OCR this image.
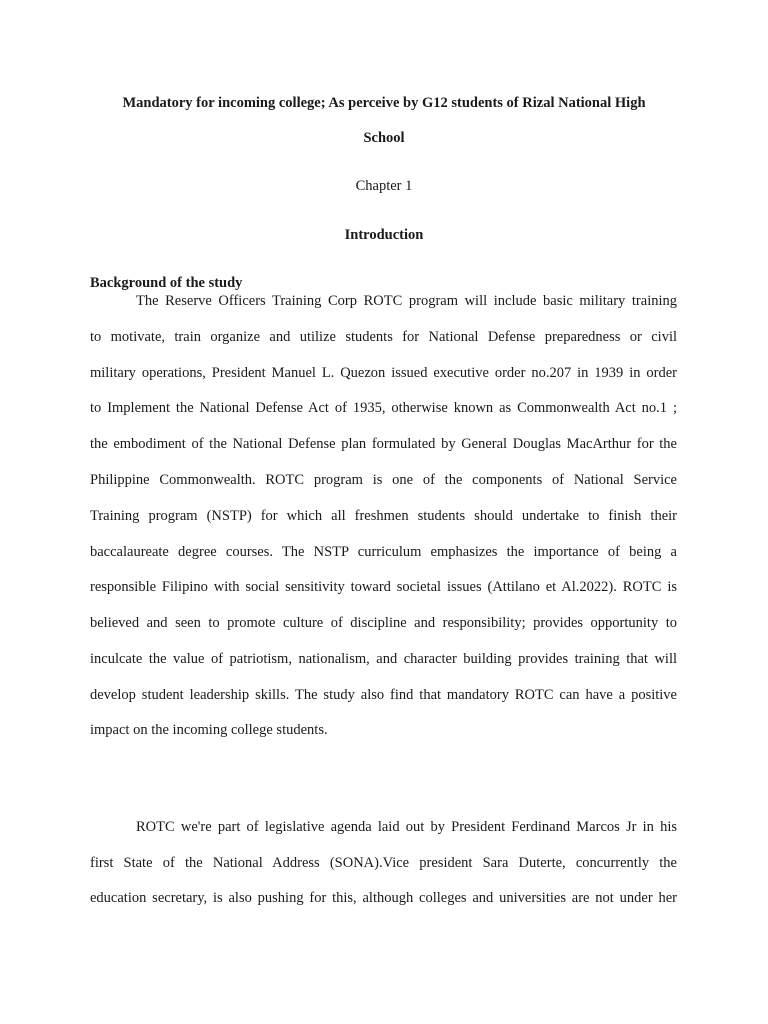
Mandatory for incoming college; As perceive by G12 students of Rizal National High
School
Chapter 1
Introduction
Background of the study
The Reserve Officers Training Corp ROTC program will include basic military training
to motivate, train organize and utilize students for National Defense preparedness or civil
military operations, President Manuel L. Quezon issued executive order no.207 in 1939 in order
to Implement the National Defense Act of 1935, otherwise known as Commonwealth Act no.1 ;
the embodiment of the National Defense plan formulated by General Douglas MacArthur for the
Philippine Commonwealth. ROTC program is one of the components of National Service
Training program (NSTP) for which all freshmen students should undertake to finish their
baccalaureate degree courses. The NSTP curriculum emphasizes the importance of being a
responsible Filipino with social sensitivity toward societal issues (Attilano et Al.2022). ROTC is
believed and seen to promote culture of discipline and responsibility; provides opportunity to
inculcate the value of patriotism, nationalism, and character building provides training that will
develop student leadership skills. The study also find that mandatory ROTC can have a positive
impact on the incoming college students.
ROTC we're part of legislative agenda laid out by President Ferdinand Marcos Jr in his
first State of the National Address (SONA).Vice president Sara Duterte, concurrently the
education secretary, is also pushing for this, although colleges and universities are not under her
